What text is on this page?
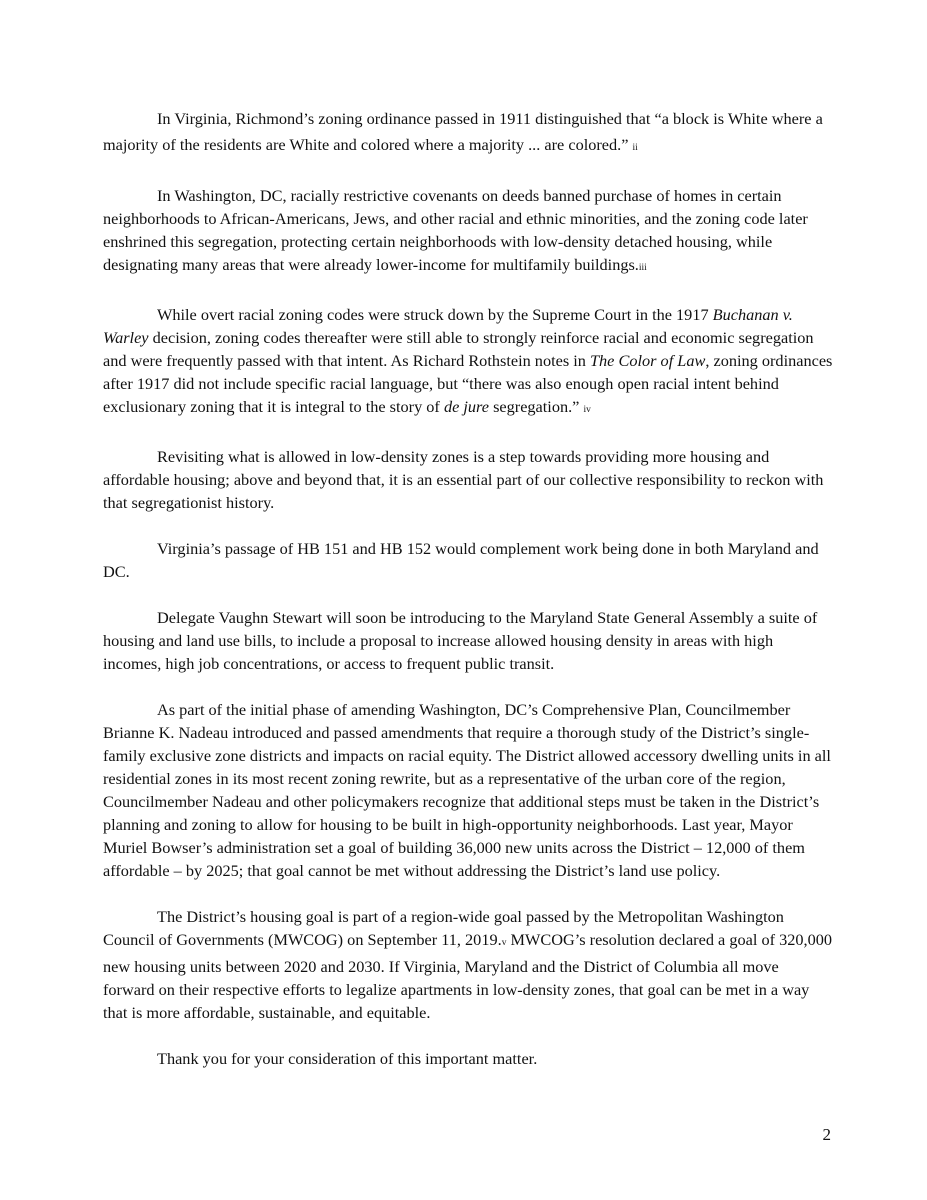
In Virginia, Richmond’s zoning ordinance passed in 1911 distinguished that “a block is White where a majority of the residents are White and colored where a majority ... are colored.” ii

In Washington, DC, racially restrictive covenants on deeds banned purchase of homes in certain neighborhoods to African-Americans, Jews, and other racial and ethnic minorities, and the zoning code later enshrined this segregation, protecting certain neighborhoods with low-density detached housing, while designating many areas that were already lower-income for multifamily buildings.iii

While overt racial zoning codes were struck down by the Supreme Court in the 1917 Buchanan v. Warley decision, zoning codes thereafter were still able to strongly reinforce racial and economic segregation and were frequently passed with that intent. As Richard Rothstein notes in The Color of Law, zoning ordinances after 1917 did not include specific racial language, but “there was also enough open racial intent behind exclusionary zoning that it is integral to the story of de jure segregation.” iv

Revisiting what is allowed in low-density zones is a step towards providing more housing and affordable housing; above and beyond that, it is an essential part of our collective responsibility to reckon with that segregationist history.

Virginia’s passage of HB 151 and HB 152 would complement work being done in both Maryland and DC.

Delegate Vaughn Stewart will soon be introducing to the Maryland State General Assembly a suite of housing and land use bills, to include a proposal to increase allowed housing density in areas with high incomes, high job concentrations, or access to frequent public transit.

As part of the initial phase of amending Washington, DC’s Comprehensive Plan, Councilmember Brianne K. Nadeau introduced and passed amendments that require a thorough study of the District’s single-family exclusive zone districts and impacts on racial equity. The District allowed accessory dwelling units in all residential zones in its most recent zoning rewrite, but as a representative of the urban core of the region, Councilmember Nadeau and other policymakers recognize that additional steps must be taken in the District’s planning and zoning to allow for housing to be built in high-opportunity neighborhoods. Last year, Mayor Muriel Bowser’s administration set a goal of building 36,000 new units across the District – 12,000 of them affordable – by 2025; that goal cannot be met without addressing the District’s land use policy.

The District’s housing goal is part of a region-wide goal passed by the Metropolitan Washington Council of Governments (MWCOG) on September 11, 2019.v MWCOG’s resolution declared a goal of 320,000 new housing units between 2020 and 2030. If Virginia, Maryland and the District of Columbia all move forward on their respective efforts to legalize apartments in low-density zones, that goal can be met in a way that is more affordable, sustainable, and equitable.

Thank you for your consideration of this important matter.

2
